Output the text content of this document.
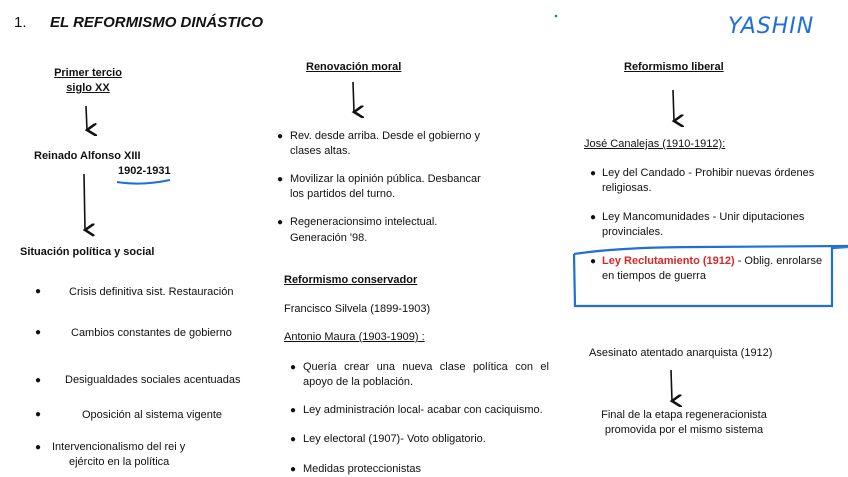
1. EL REFORMISMO DINÁSTICO	YASHIN
Primer tercio
siglo XX
Reinado Alfonso XIII
1902-1931
Situación política y social
●	Crisis definitiva sist. Restauración
●	Cambios constantes de gobierno
● Desigualdades sociales acentuadas
●	Oposición al sistema vigente
● Intervencionalismo del rei y
ejército en la política
Renovación moral
● Rev. desde arriba. Desde el gobierno y
clases altas.
● Movilizar la opinión pública. Desbancar
los partidos del turno.
● Regeneracionsimo intelectual.
Generación '98.
Reformismo conservador
Francisco Silvela (1899-1903)
Antonio Maura (1903-1909) :
● Quería crear una nueva clase política con el
apoyo de la población.
● Ley administración local- acabar con caciquismo.
● Ley electoral (1907)- Voto obligatorio.
● Medidas proteccionistas
Reformismo liberal
José Canalejas (1910-1912):
● Ley del Candado - Prohibir nuevas órdenes
religiosas.
● Ley Mancomunidades - Unir diputaciones
provinciales.
● Ley Reclutamiento (1912) - Oblig. enrolarse
en tiempos de guerra
Asesinato atentado anarquista (1912)
Final de la etapa regeneracionista
promovida por el mismo sistema
